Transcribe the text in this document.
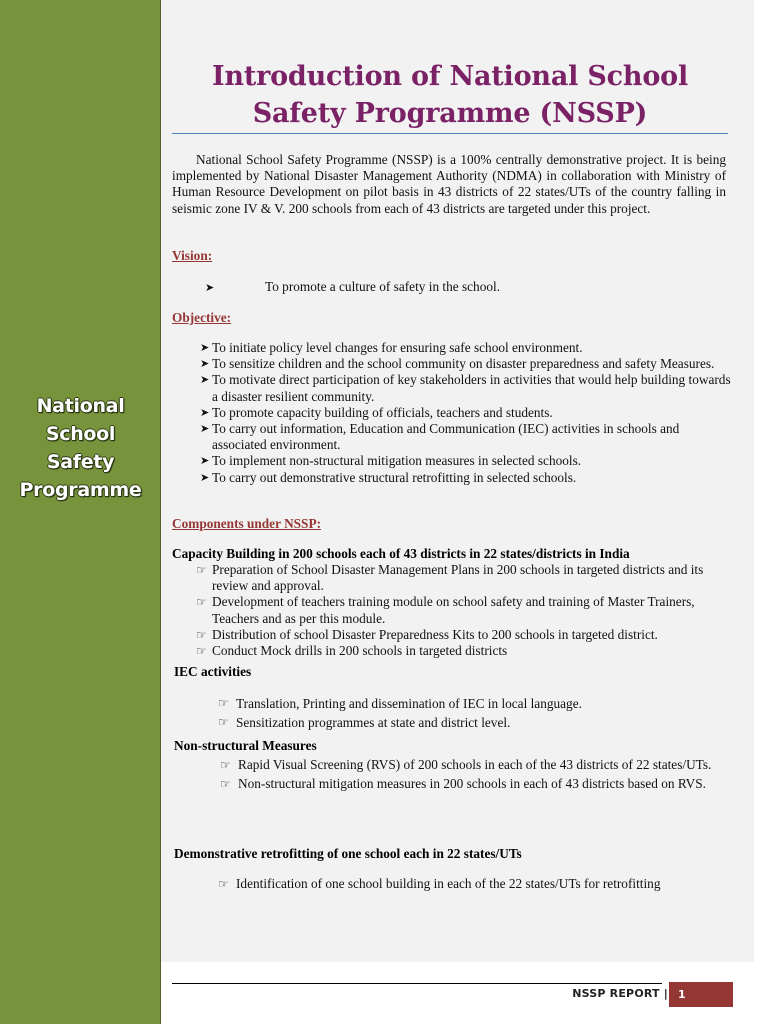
National
School
Safety
Programme
Introduction of National School
Safety Programme (NSSP)

National School Safety Programme (NSSP) is a 100% centrally demonstrative project. It is being implemented by National Disaster Management Authority (NDMA) in collaboration with Ministry of Human Resource Development on pilot basis in 43 districts of 22 states/UTs of the country falling in seismic zone IV & V. 200 schools from each of 43 districts are targeted under this project.

Vision:
➤	To promote a culture of safety in the school.
Objective:
➤ To initiate policy level changes for ensuring safe school environment.
➤ To sensitize children and the school community on disaster preparedness and safety Measures.
➤ To motivate direct participation of key stakeholders in activities that would help building towards a disaster resilient community.
➤ To promote capacity building of officials, teachers and students.
➤ To carry out information, Education and Communication (IEC) activities in schools and associated environment.
➤ To implement non-structural mitigation measures in selected schools.
➤ To carry out demonstrative structural retrofitting in selected schools.
Components under NSSP:
Capacity Building in 200 schools each of 43 districts in 22 states/districts in India
☞ Preparation of School Disaster Management Plans in 200 schools in targeted districts and its review and approval.
☞ Development of teachers training module on school safety and training of Master Trainers, Teachers and as per this module.
☞ Distribution of school Disaster Preparedness Kits to 200 schools in targeted district.
☞ Conduct Mock drills in 200 schools in targeted districts
IEC activities
☞ Translation, Printing and dissemination of IEC in local language.
☞ Sensitization programmes at state and district level.
Non-structural Measures
☞ Rapid Visual Screening (RVS) of 200 schools in each of the 43 districts of 22 states/UTs.
☞ Non-structural mitigation measures in 200 schools in each of 43 districts based on RVS.
Demonstrative retrofitting of one school each in 22 states/UTs
☞ Identification of one school building in each of the 22 states/UTs for retrofitting
NSSP REPORT | 1
